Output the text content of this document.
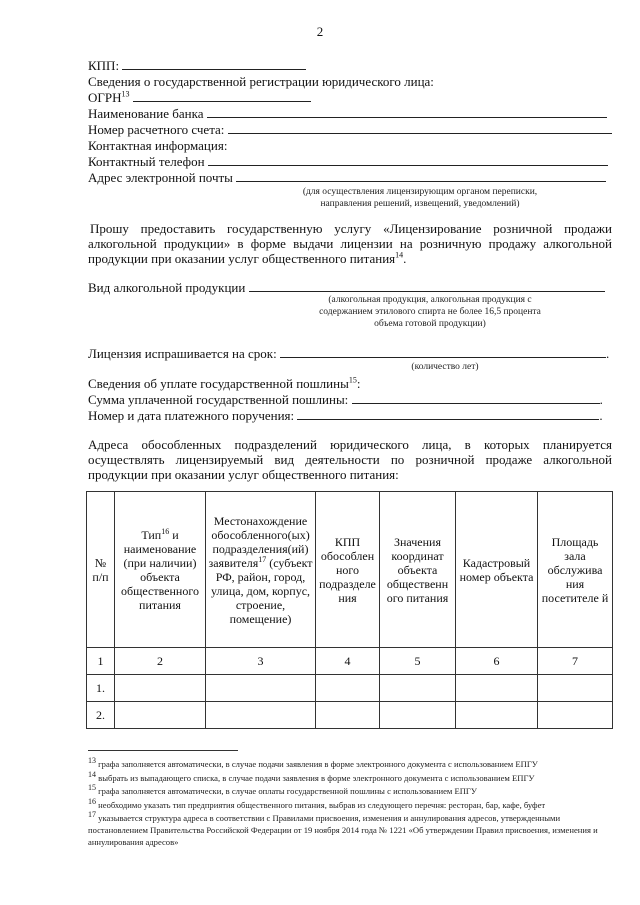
2
КПП:
Сведения о государственной регистрации юридического лица:
ОГРН$^{13}$
Наименование банка
Номер расчетного счета:
Контактная информация:
Контактный телефон
Адрес электронной почты
(для осуществления лицензирующим органом переписки,
направления решений, извещений, уведомлений)
Прошу предоставить государственную услугу «Лицензирование розничной продажи алкогольной продукции» в форме выдачи лицензии на розничную продажу алкогольной продукции при оказании услуг общественного питания$^{14}$.
Вид алкогольной продукции
(алкогольная продукция, алкогольная продукция с
содержанием этилового спирта не более 16,5 процента
объема готовой продукции)
Лицензия испрашивается на срок:	.
(количество лет)
Сведения об уплате государственной пошлины$^{15}$:
Сумма уплаченной государственной пошлины:	.
Номер и дата платежного поручения:	.
Адреса обособленных подразделений юридического лица, в которых планируется осуществлять лицензируемый вид деятельности по розничной продаже алкогольной продукции при оказании услуг общественного питания:
№ п/п	Тип$^{16}$ и наименование (при наличии) объекта общественного питания	Местонахождение обособленного(ых) подразделения(ий) заявителя$^{17}$ (субъект РФ, район, город, улица, дом, корпус, строение, помещение)	КПП обособлен ного подразделе ния	Значения координат объекта общественн ого питания	Кадастровый номер объекта	Площадь зала обслужива ния посетителе й
1	2	3	4	5	6	7
1.						
2.						
$^{13}$ графа заполняется автоматически, в случае подачи заявления в форме электронного документа с использованием ЕПГУ
$^{14}$ выбрать из выпадающего списка, в случае подачи заявления в форме электронного документа с использованием ЕПГУ
$^{15}$ графа заполняется автоматически, в случае оплаты государственной пошлины с использованием ЕПГУ
$^{16}$ необходимо указать тип предприятия общественного питания, выбрав из следующего перечня: ресторан, бар, кафе, буфет
$^{17}$ указывается структура адреса в соответствии с Правилами присвоения, изменения и аннулирования адресов, утвержденными постановлением Правительства Российской Федерации от 19 ноября 2014 года № 1221 «Об утверждении Правил присвоения, изменения и аннулирования адресов»
